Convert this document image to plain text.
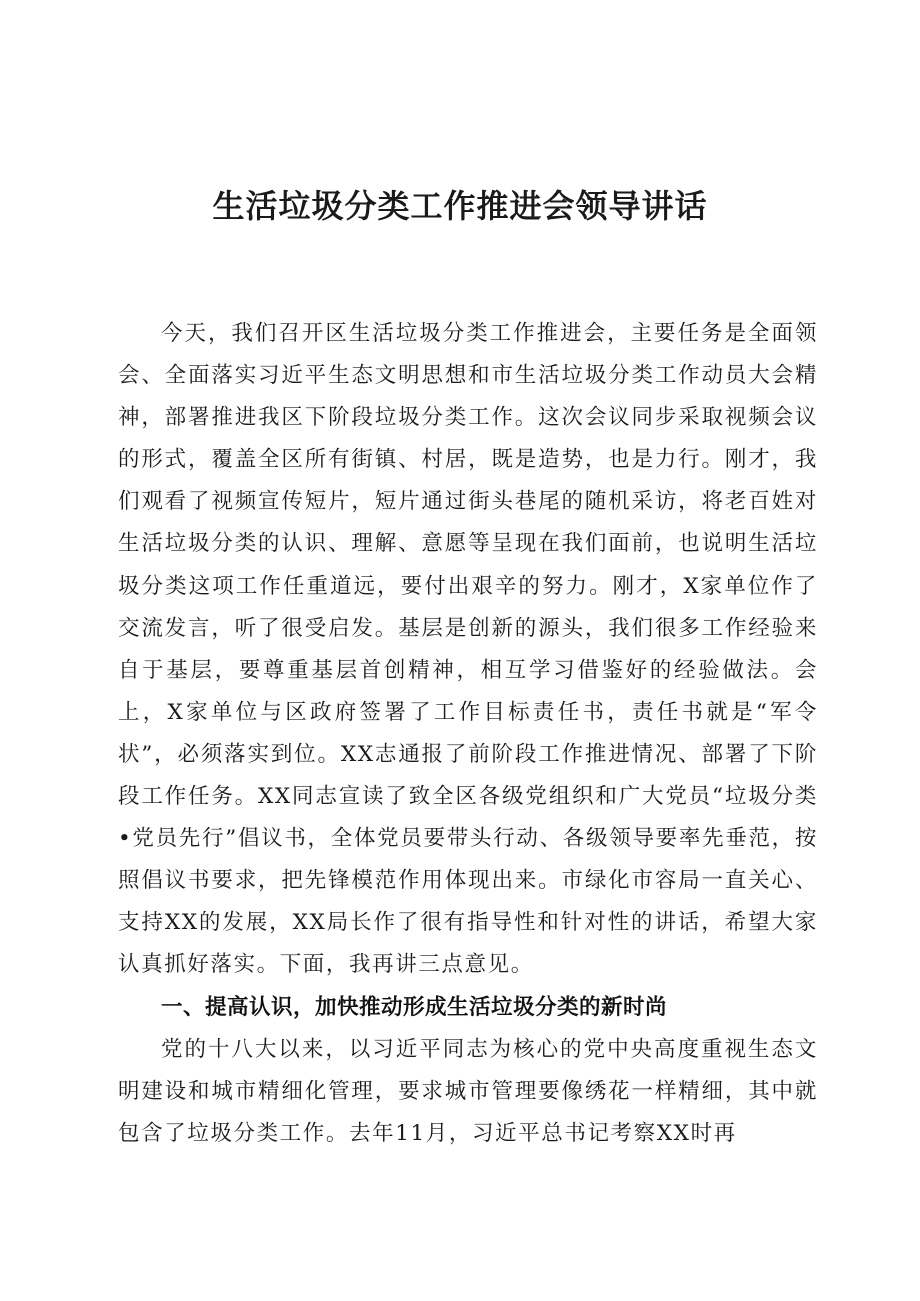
生活垃圾分类工作推进会领导讲话

今天，我们召开区生活垃圾分类工作推进会，主要任务是全面领会、全面落实习近平生态文明思想和市生活垃圾分类工作动员大会精神，部署推进我区下阶段垃圾分类工作。这次会议同步采取视频会议的形式，覆盖全区所有街镇、村居，既是造势，也是力行。刚才，我们观看了视频宣传短片，短片通过街头巷尾的随机采访，将老百姓对生活垃圾分类的认识、理解、意愿等呈现在我们面前，也说明生活垃圾分类这项工作任重道远，要付出艰辛的努力。刚才，X家单位作了交流发言，听了很受启发。基层是创新的源头，我们很多工作经验来自于基层，要尊重基层首创精神，相互学习借鉴好的经验做法。会上，X家单位与区政府签署了工作目标责任书，责任书就是“军令状”，必须落实到位。XX志通报了前阶段工作推进情况、部署了下阶段工作任务。XX同志宣读了致全区各级党组织和广大党员“垃圾分类•党员先行”倡议书，全体党员要带头行动、各级领导要率先垂范，按照倡议书要求，把先锋模范作用体现出来。市绿化市容局一直关心、支持XX的发展，XX局长作了很有指导性和针对性的讲话，希望大家认真抓好落实。下面，我再讲三点意见。

一、提高认识，加快推动形成生活垃圾分类的新时尚

党的十八大以来，以习近平同志为核心的党中央高度重视生态文明建设和城市精细化管理，要求城市管理要像绣花一样精细，其中就包含了垃圾分类工作。去年11月，习近平总书记考察XX时再
